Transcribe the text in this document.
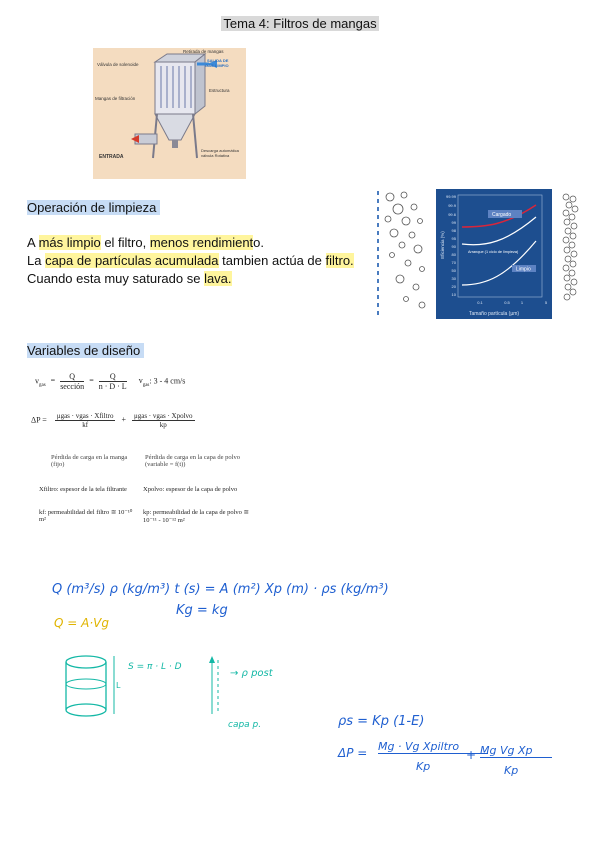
Tema 4: Filtros de mangas
Válvula de solenoide
Retirada de mangas
SALIDA DE
GAS LIMPIO
Mangas de filtración
Estructura
ENTRADA
Descarga automática
válvula Rotativa
Operación de limpieza
A más limpio el filtro, menos rendimiento.
La capa de partículas acumulada tambien actúa de filtro.
Cuando esta muy saturado se lava.
Cargado
Arranque (1 ciclo de limpieza)
Limpio
99.99
99.9
99.6
99
98
95
90
80
70
50
30
20
10
0.1	0.5	1	5
Tamaño partícula (µm)
Eficiencia (%)
Variables de diseño
$v_{gas}$ =	Q
sección
= $\frac{Q}{n \cdot D \cdot L} v_{gas}$: 3 - 4 cm/s
ΔP = μgas · vgas · Xfiltro
kf
+ μgas · vgas · Xpolvo
kp
Pérdida de carga en la manga (fijo)
Pérdida de carga en la capa de polvo (variable = f(t))
Xfiltro: espesor de la tela filtrante
kf: permeabilidad del filtro ≅ 10⁻¹⁰ m²
Xpolvo: espesor de la capa de polvo
kp: permeabilidad de la capa de polvo ≅ 10⁻¹¹ - 10⁻¹² m²
Q (m³/s) ρ (kg/m³) t (s) = A (m²) Xp (m) · ρs (kg/m³)
Kg = kg
Q = A·Vg
L
S = π · L · D
→ ρ post
capa p.	ρs = Kp (1-E)
ΔP = Mg · Vg Xpiltro
Kp
+ Mg Vg Xp
Kp
